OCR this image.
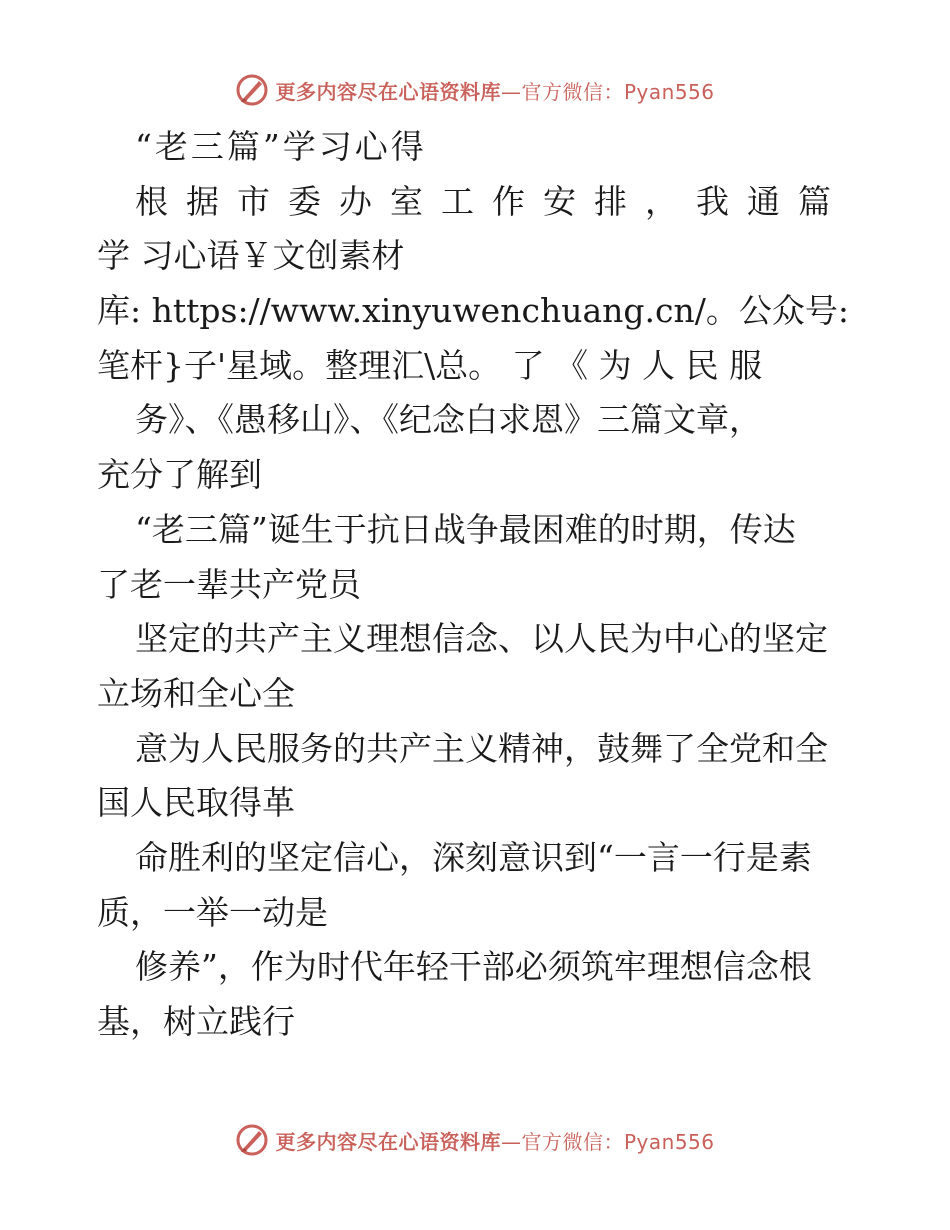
更多内容尽在心语资料库—官方微信：Pyan556
“老三篇”学习心得
根据市委办室工作安排，我通篇
学 习心语￥文创素材
库: https://www.xinyuwenchuang.cn/。公众号:
笔杆}子'星域。整理汇\总。 了 《 为 人 民 服
务》、《愚移山》、《纪念白求恩》三篇文章，
充分了解到
“老三篇”诞生于抗日战争最困难的时期，传达
了老一辈共产党员
坚定的共产主义理想信念、以人民为中心的坚定
立场和全心全
意为人民服务的共产主义精神，鼓舞了全党和全
国人民取得革
命胜利的坚定信心，深刻意识到“一言一行是素
质，一举一动是
修养”，作为时代年轻干部必须筑牢理想信念根
基，树立践行
更多内容尽在心语资料库—官方微信：Pyan556
